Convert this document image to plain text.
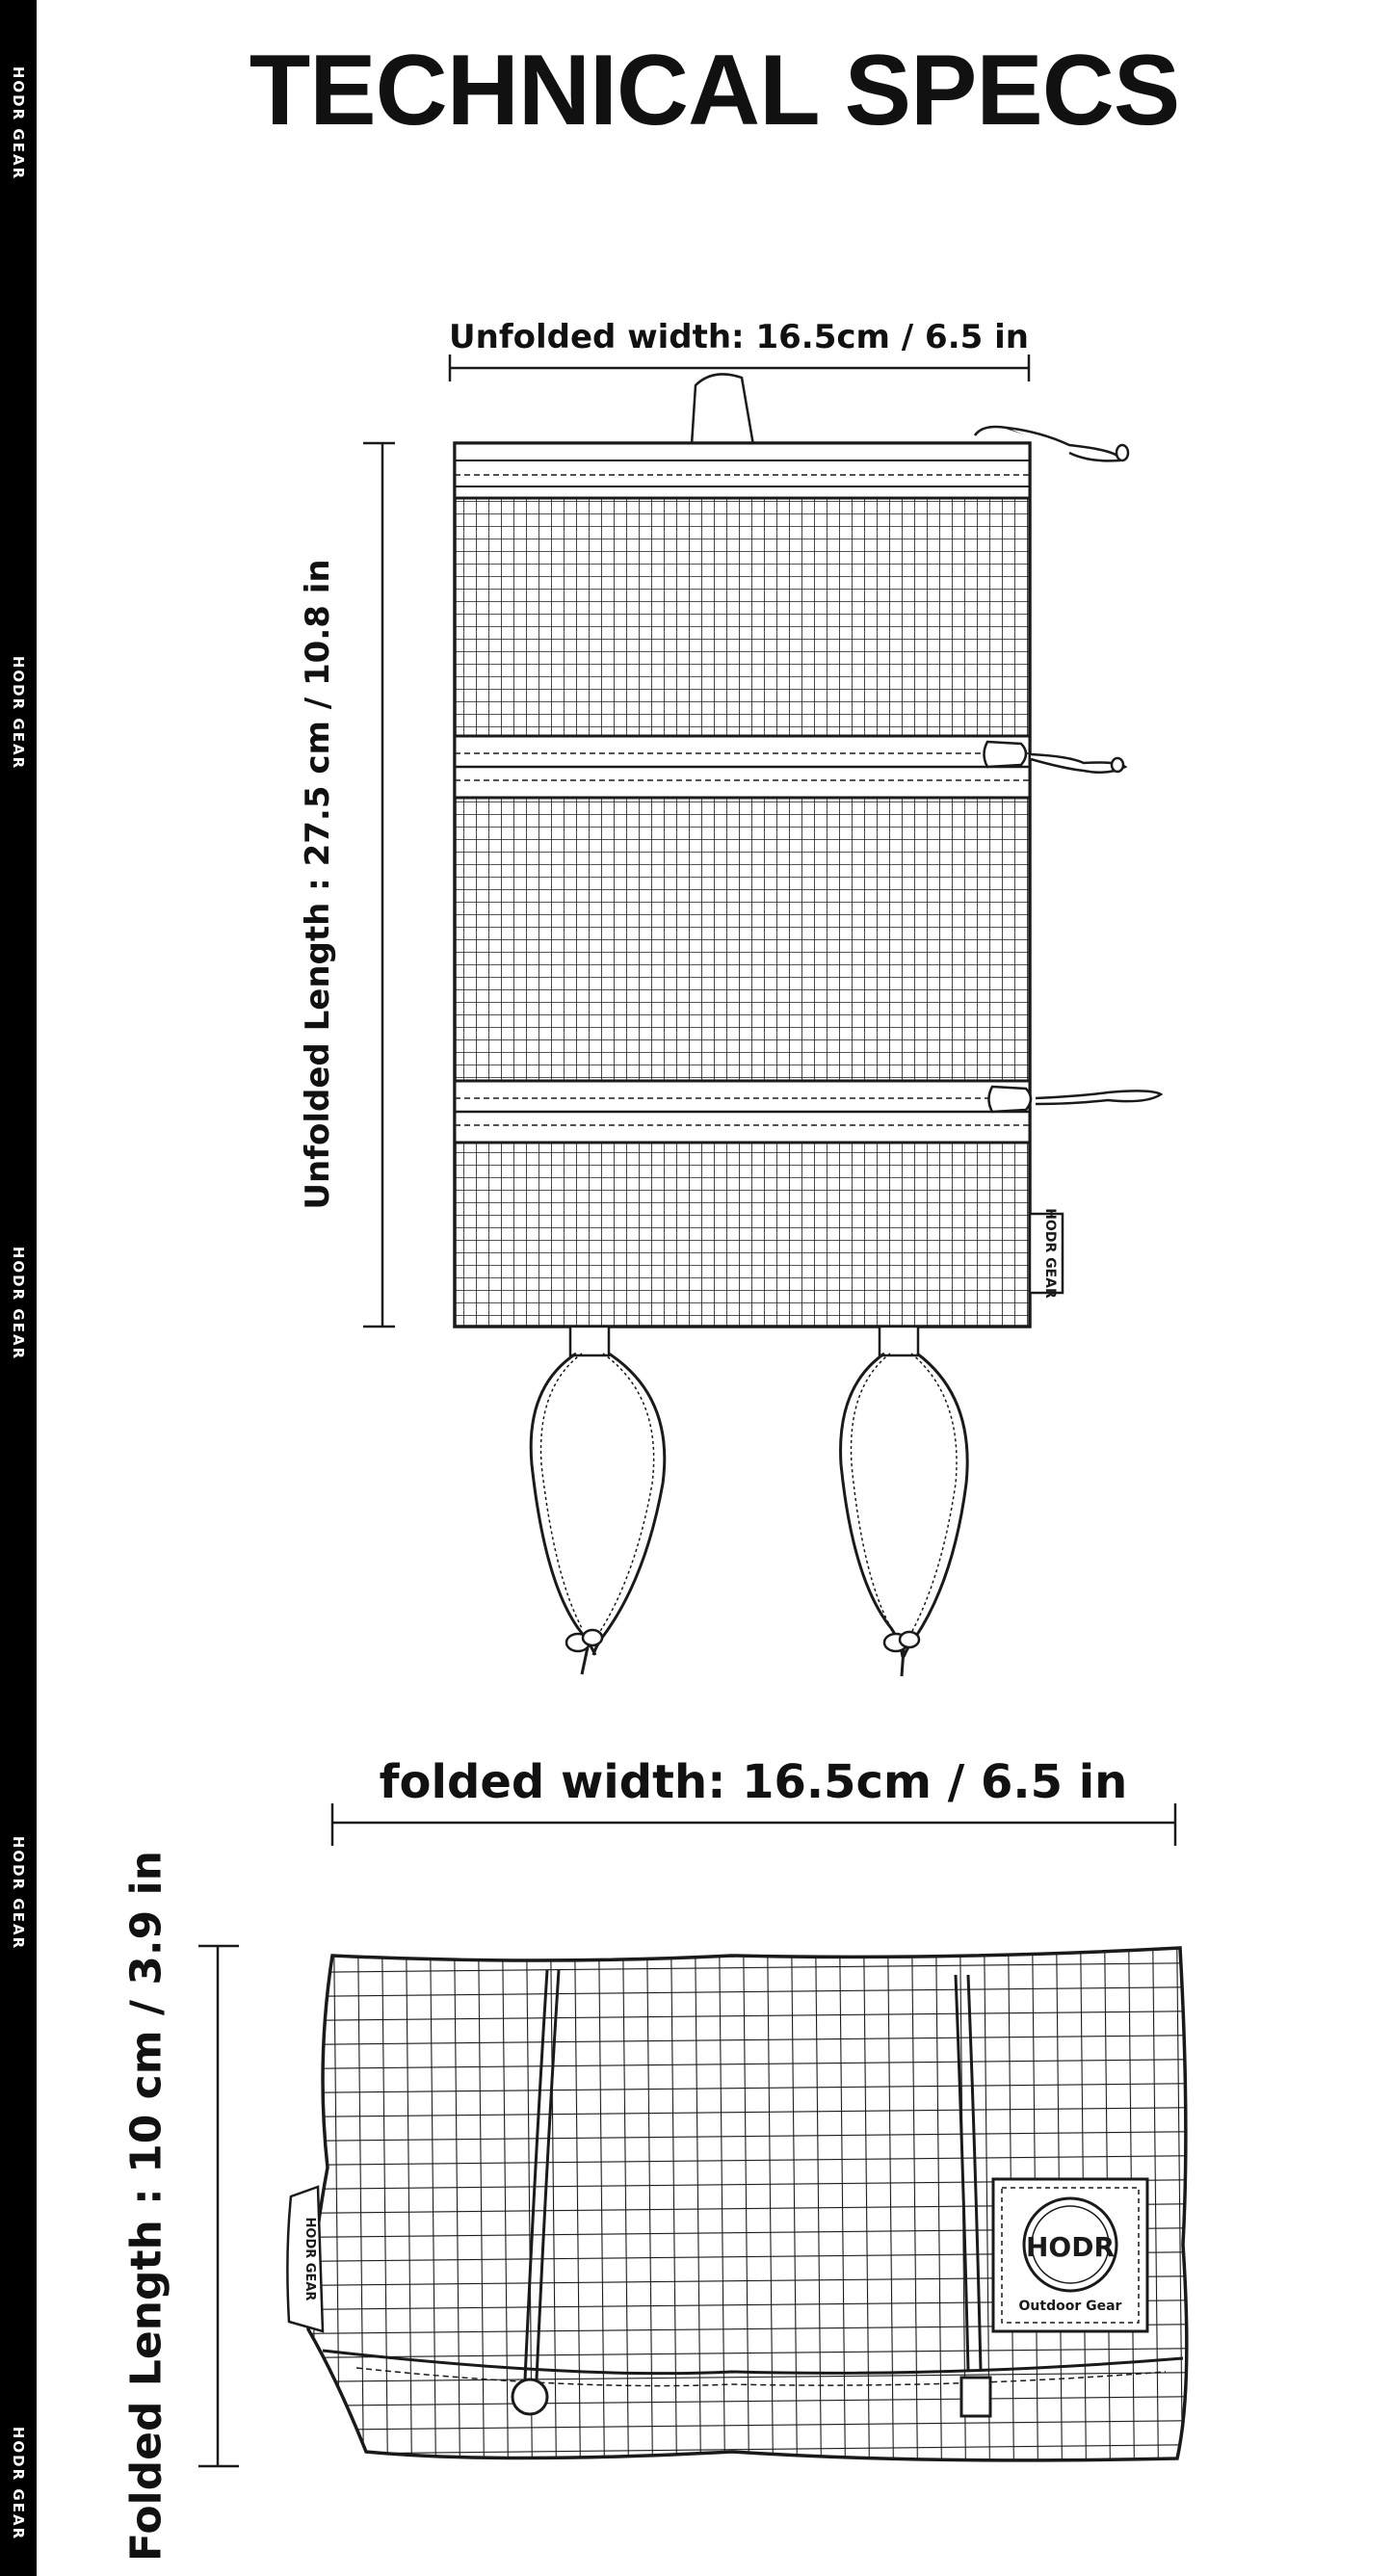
HODR GEAR
HODR GEAR
HODR GEAR
HODR GEAR
HODR GEAR
TECHNICAL SPECS
HODR GEAR
HODR GEAR	HODR
Outdoor Gear
Unfolded width: 16.5cm / 6.5 in
Unfolded Length : 27.5 cm / 10.8 in
folded width: 16.5cm / 6.5 in
Folded Length : 10 cm / 3.9 in
